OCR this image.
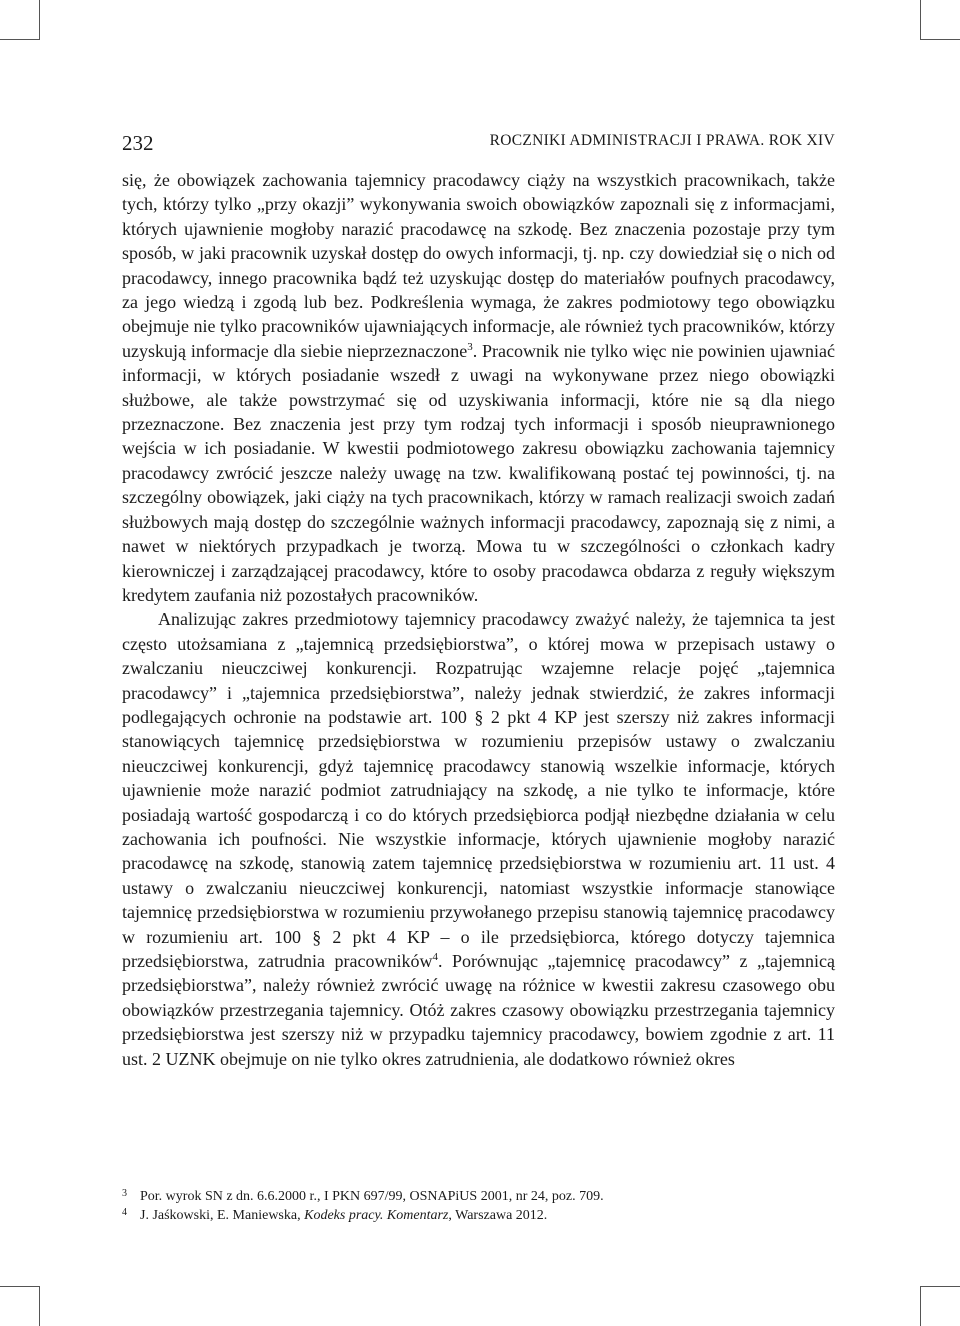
232	ROCZNIKI ADMINISTRACJI I PRAWA. ROK XIV

się, że obowiązek zachowania tajemnicy pracodawcy ciąży na wszystkich pracownikach, także tych, którzy tylko „przy okazji” wykonywania swoich obowiązków zapoznali się z informacjami, których ujawnienie mogłoby narazić pracodawcę na szkodę. Bez znaczenia pozostaje przy tym sposób, w jaki pracownik uzyskał dostęp do owych informacji, tj. np. czy dowiedział się o nich od pracodawcy, innego pracownika bądź też uzyskując dostęp do materiałów poufnych pracodawcy, za jego wiedzą i zgodą lub bez. Podkreślenia wymaga, że zakres podmiotowy tego obowiązku obejmuje nie tylko pracowników ujawniających informacje, ale również tych pracowników, którzy uzyskują informacje dla siebie nieprzeznaczone$^3$. Pracownik nie tylko więc nie powinien ujawniać informacji, w których posiadanie wszedł z uwagi na wykonywane przez niego obowiązki służbowe, ale także powstrzymać się od uzyskiwania informacji, które nie są dla niego przeznaczone. Bez znaczenia jest przy tym rodzaj tych informacji i sposób nieuprawnionego wejścia w ich posiadanie. W kwestii podmiotowego zakresu obowiązku zachowania tajemnicy pracodawcy zwrócić jeszcze należy uwagę na tzw. kwalifikowaną postać tej powinności, tj. na szczególny obowiązek, jaki ciąży na tych pracownikach, którzy w ramach realizacji swoich zadań służbowych mają dostęp do szczególnie ważnych informacji pracodawcy, zapoznają się z nimi, a nawet w niektórych przypadkach je tworzą. Mowa tu w szczególności o członkach kadry kierowniczej i zarządzającej pracodawcy, które to osoby pracodawca obdarza z reguły większym kredytem zaufania niż pozostałych pracowników.

Analizując zakres przedmiotowy tajemnicy pracodawcy zważyć należy, że tajemnica ta jest często utożsamiana z „tajemnicą przedsiębiorstwa”, o której mowa w przepisach ustawy o zwalczaniu nieuczciwej konkurencji. Rozpatrując wzajemne relacje pojęć „tajemnica pracodawcy” i „tajemnica przedsiębiorstwa”, należy jednak stwierdzić, że zakres informacji podlegających ochronie na podstawie art. 100 § 2 pkt 4 KP jest szerszy niż zakres informacji stanowiących tajemnicę przedsiębiorstwa w rozumieniu przepisów ustawy o zwalczaniu nieuczciwej konkurencji, gdyż tajemnicę pracodawcy stanowią wszelkie informacje, których ujawnienie może narazić podmiot zatrudniający na szkodę, a nie tylko te informacje, które posiadają wartość gospodarczą i co do których przedsiębiorca podjął niezbędne działania w celu zachowania ich poufności. Nie wszystkie informacje, których ujawnienie mogłoby narazić pracodawcę na szkodę, stanowią zatem tajemnicę przedsiębiorstwa w rozumieniu art. 11 ust. 4 ustawy o zwalczaniu nieuczciwej konkurencji, natomiast wszystkie informacje stanowiące tajemnicę przedsiębiorstwa w rozumieniu przywołanego przepisu stanowią tajemnicę pracodawcy w rozumieniu art. 100 § 2 pkt 4 KP – o ile przedsiębiorca, którego dotyczy tajemnica przedsiębiorstwa, zatrudnia pracowników$^4$. Porównując „tajemnicę pracodawcy” z „tajemnicą przedsiębiorstwa”, należy również zwrócić uwagę na różnice w kwestii zakresu czasowego obu obowiązków przestrzegania tajemnicy. Otóż zakres czasowy obowiązku przestrzegania tajemnicy przedsiębiorstwa jest szerszy niż w przypadku tajemnicy pracodawcy, bowiem zgodnie z art. 11 ust. 2 UZNK obejmuje on nie tylko okres zatrudnienia, ale dodatkowo również okres

3 Por. wyrok SN z dn. 6.6.2000 r., I PKN 697/99, OSNAPiUS 2001, nr 24, poz. 709.
4 J. Jaśkowski, E. Maniewska, Kodeks pracy. Komentarz, Warszawa 2012.
